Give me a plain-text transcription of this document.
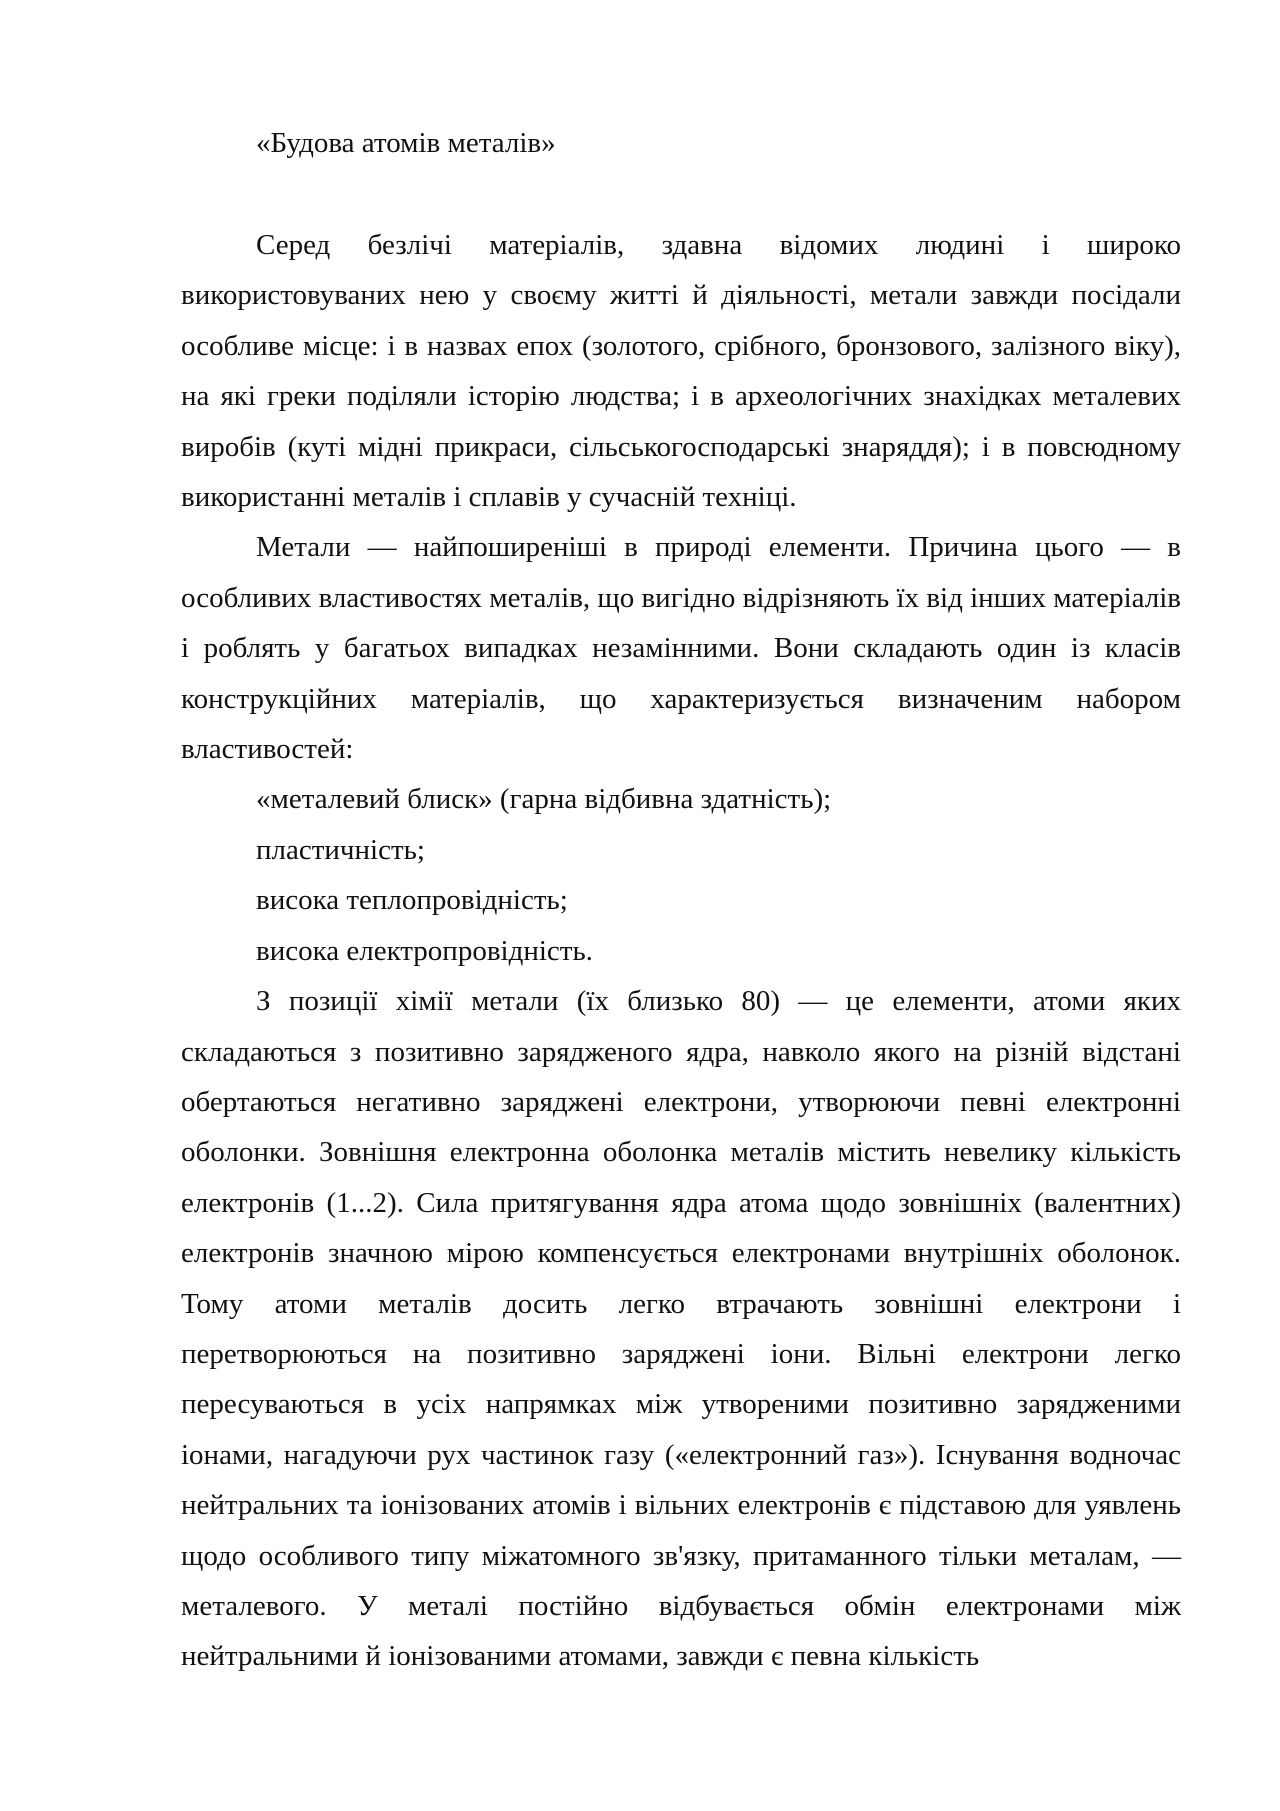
«Будова атомів металів»

Серед безлічі матеріалів, здавна відомих людині і широко використовуваних нею у своєму житті й діяльності, метали завжди посідали особливе місце: і в назвах епох (золотого, срібного, бронзового, залізного віку), на які греки поділяли історію людства; і в археологічних знахідках металевих виробів (куті мідні прикраси, сільськогосподарські знаряддя); і в повсюдному використанні металів і сплавів у сучасній техніці.

Метали — найпоширеніші в природі елементи. Причина цього — в особливих властивостях металів, що вигідно відрізняють їх від інших матеріалів і роблять у багатьох випадках незамінними. Вони складають один із класів конструкційних матеріалів, що характеризується визначеним набором властивостей:

«металевий блиск» (гарна відбивна здатність);
пластичність;
висока теплопровідність;
висока електропровідність.

З позиції хімії метали (їх близько 80) — це елементи, атоми яких складаються з позитивно зарядженого ядра, навколо якого на різній відстані обертаються негативно заряджені електрони, утворюючи певні електронні оболонки. Зовнішня електронна оболонка металів містить невелику кількість електронів (1...2). Сила притягування ядра атома щодо зовнішніх (валентних) електронів значною мірою компенсується електронами внутрішніх оболонок. Тому атоми металів досить легко втрачають зовнішні електрони і перетворюються на позитивно заряджені іони. Вільні електрони легко пересуваються в усіх напрямках між утвореними позитивно зарядженими іонами, нагадуючи рух частинок газу («електронний газ»). Існування водночас нейтральних та іонізованих атомів і вільних електронів є підставою для уявлень щодо особливого типу міжатомного зв'язку, притаманного тільки металам, — металевого. У металі постійно відбувається обмін електронами між нейтральними й іонізованими атомами, завжди є певна кількість
